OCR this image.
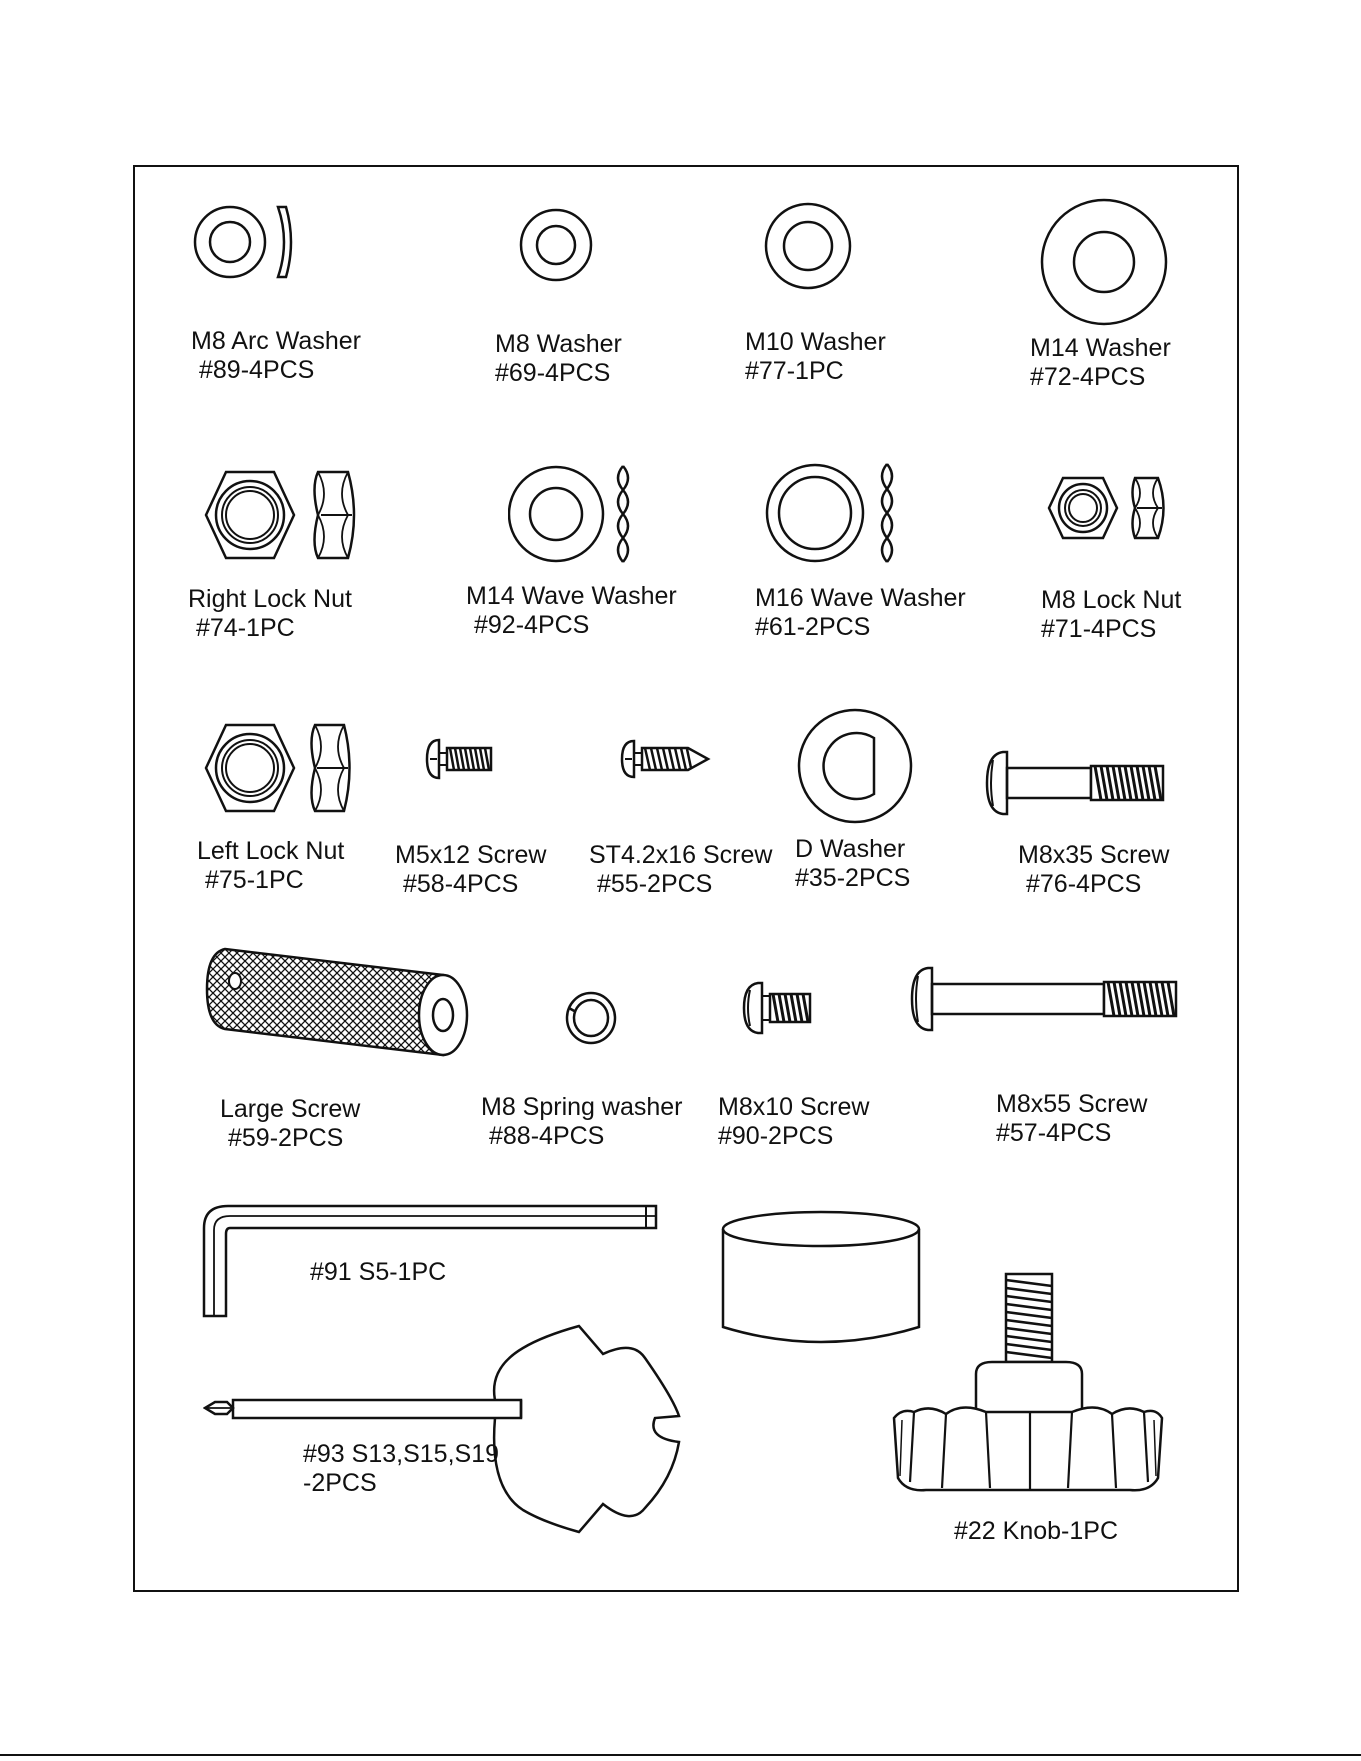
M8 Arc Washer
#89-4PCS
M8 Washer
#69-4PCS
M10 Washer
#77-1PC
M14 Washer
#72-4PCS
Right Lock Nut
#74-1PC
M14 Wave Washer
#92-4PCS
M16 Wave Washer
#61-2PCS
M8 Lock Nut
#71-4PCS
Left Lock Nut
#75-1PC
M5x12 Screw
#58-4PCS
ST4.2x16 Screw
#55-2PCS
D Washer
#35-2PCS
M8x35 Screw
#76-4PCS
Large Screw
#59-2PCS
M8 Spring washer
#88-4PCS
M8x10 Screw
#90-2PCS
M8x55 Screw
#57-4PCS
#91 S5-1PC
#93 S13,S15,S19
-2PCS
#22 Knob-1PC
